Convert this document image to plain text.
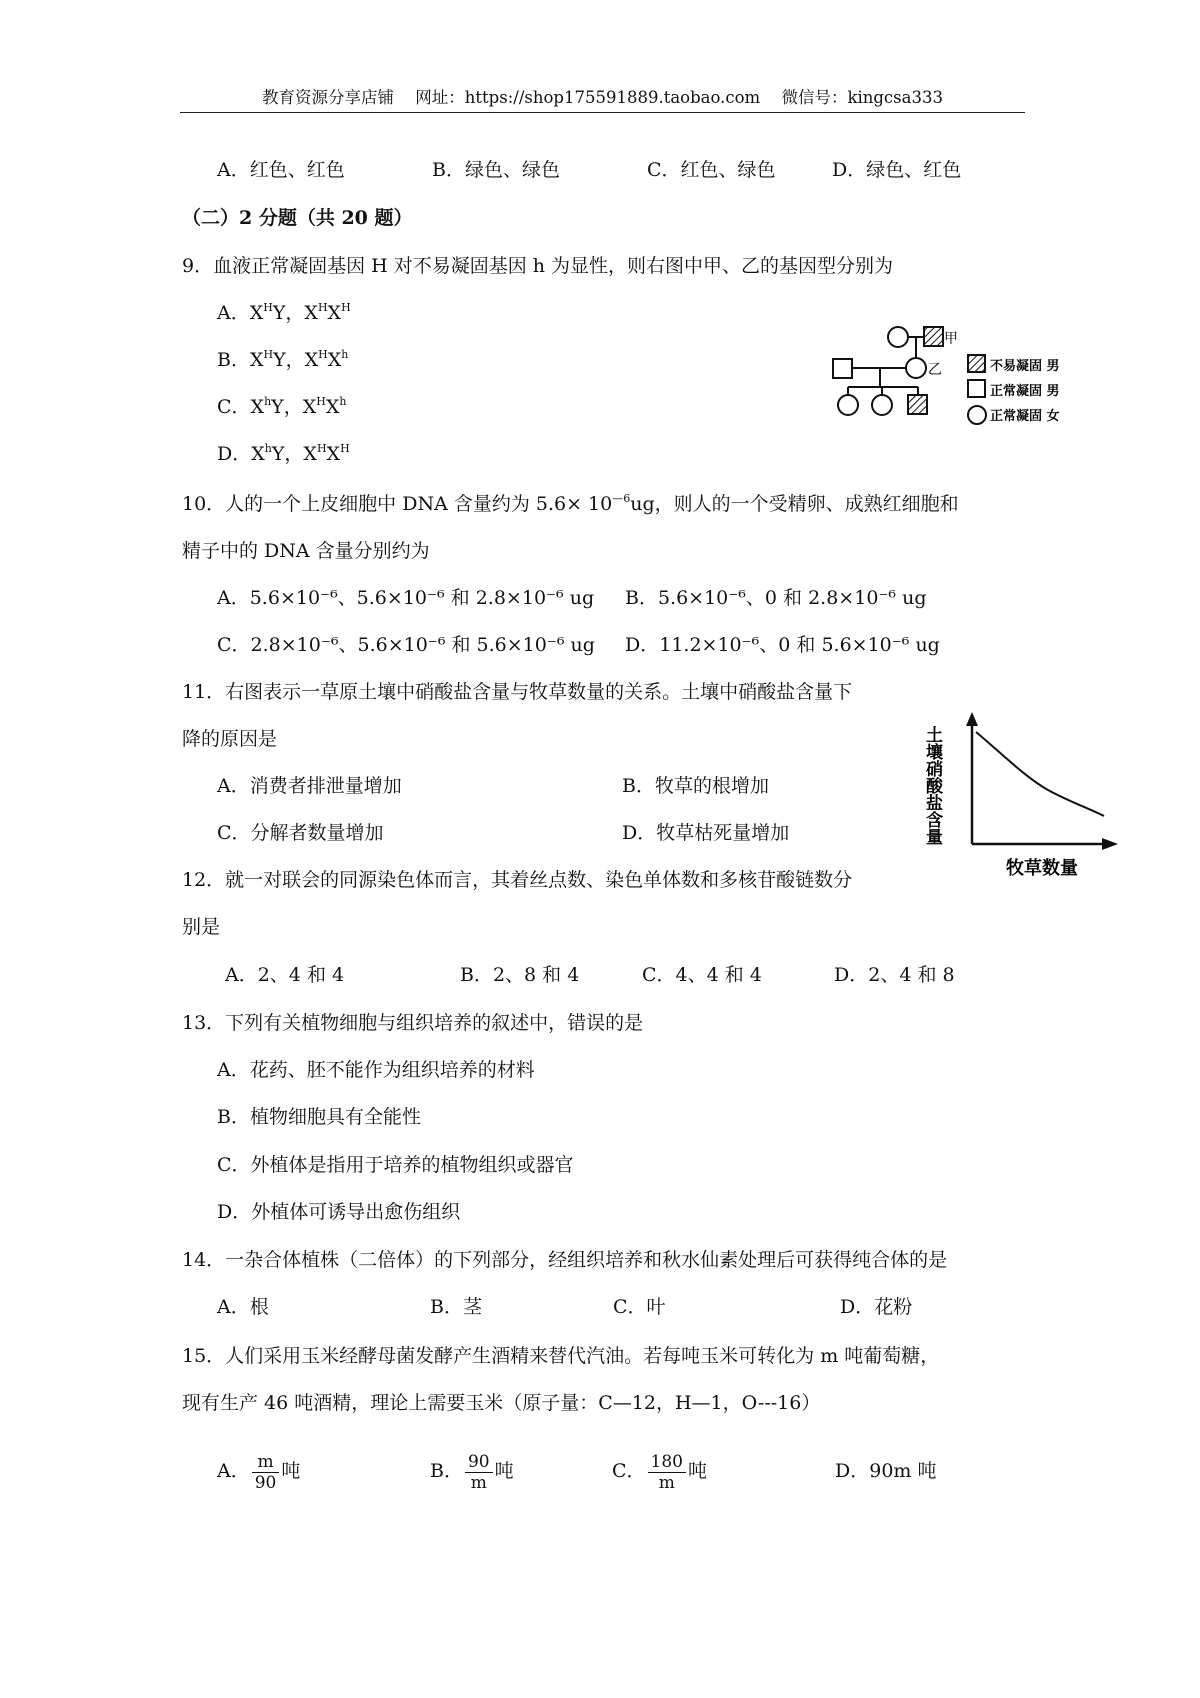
教育资源分享店铺 网址：https://shop175591889.taobao.com 微信号：kingcsa333
A．红色、红色	B．绿色、绿色	C．红色、绿色	D．绿色、红色
（二）2 分题（共 20 题）
9．血液正常凝固基因 H 对不易凝固基因 h 为显性，则右图中甲、乙的基因型分别为
A．$X^HY$，$X^HX^H$
B．$X^HY$，$X^HX^h$
C．$X^hY$，$X^HX^h$
D．$X^hY$，$X^HX^H$
甲
乙	不易凝固 男
正常凝固 男
正常凝固 女
10．人的一个上皮细胞中 DNA 含量约为 $5.6\times 10^{—6}ug$，则人的一个受精卵、成熟红细胞和
精子中的 DNA 含量分别约为
A．5.6×10⁻⁶、5.6×10⁻⁶ 和 2.8×10⁻⁶ ug B．5.6×10⁻⁶、0 和 2.8×10⁻⁶ ug
C．2.8×10⁻⁶、5.6×10⁻⁶ 和 5.6×10⁻⁶ ug D．11.2×10⁻⁶、0 和 5.6×10⁻⁶ ug
11．右图表示一草原土壤中硝酸盐含量与牧草数量的关系。土壤中硝酸盐含量下
降的原因是
A．消费者排泄量增加	B．牧草的根增加
C．分解者数量增加	D．牧草枯死量增加	土壤硝酸盐含量
牧草数量
12．就一对联会的同源染色体而言，其着丝点数、染色单体数和多核苷酸链数分
别是
A．2、4 和 4	B．2、8 和 4	C．4、4 和 4	D．2、4 和 8
13．下列有关植物细胞与组织培养的叙述中，错误的是
A．花药、胚不能作为组织培养的材料
B．植物细胞具有全能性
C．外植体是指用于培养的植物组织或器官
D．外植体可诱导出愈伤组织
14．一杂合体植株（二倍体）的下列部分，经组织培养和秋水仙素处理后可获得纯合体的是
A．根	B．茎	C．叶	D．花粉
15．人们采用玉米经酵母菌发酵产生酒精来替代汽油。若每吨玉米可转化为 m 吨葡萄糖，
现有生产 46 吨酒精，理论上需要玉米（原子量：C—12，H—1，O---16）
A． $\frac{m}{90}$ 吨	B． $\frac{90}{m}$ 吨	C． $\frac{180}{m}$ 吨	D．90m 吨
